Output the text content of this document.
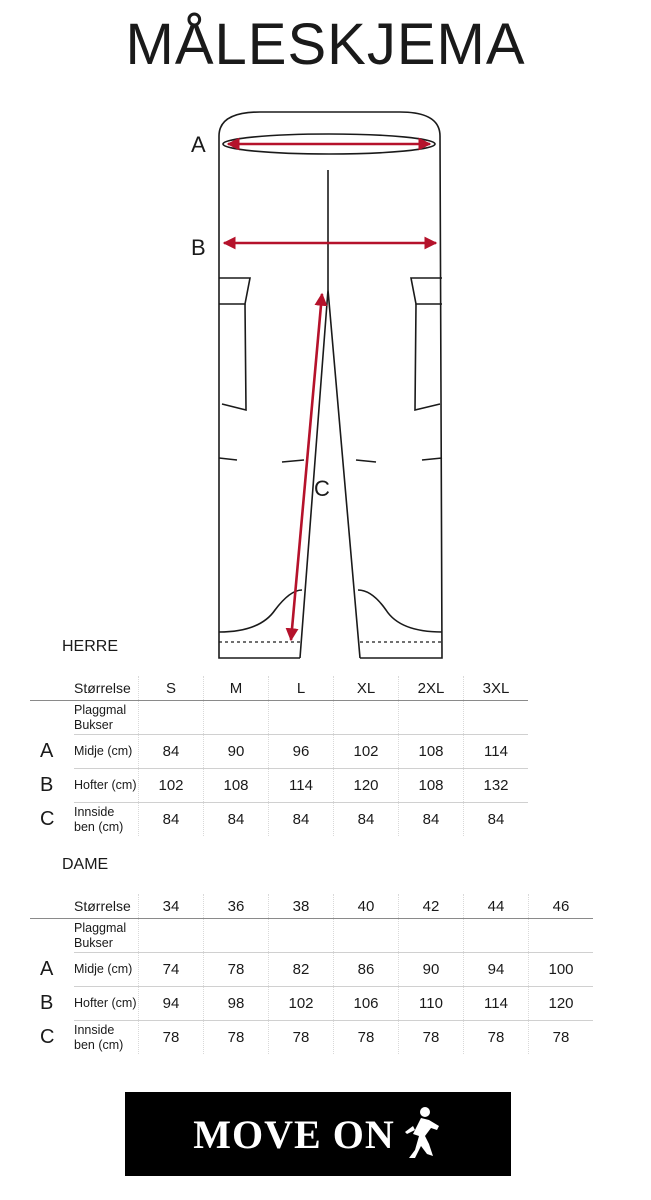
MÅLESKJEMA
A
B
C
HERRE
	Størrelse	S	M	L	XL	2XL	3XL
	Plaggmal Bukser						
A	Midje (cm)	84	90	96	102	108	114
B	Hofter (cm)	102	108	114	120	108	132
C	Innside ben (cm)	84	84	84	84	84	84
DAME
	Størrelse	34	36	38	40	42	44	46
	Plaggmal Bukser							
A	Midje (cm)	74	78	82	86	90	94	100
B	Hofter (cm)	94	98	102	106	110	114	120
C	Innside ben (cm)	78	78	78	78	78	78	78
MOVE ON
